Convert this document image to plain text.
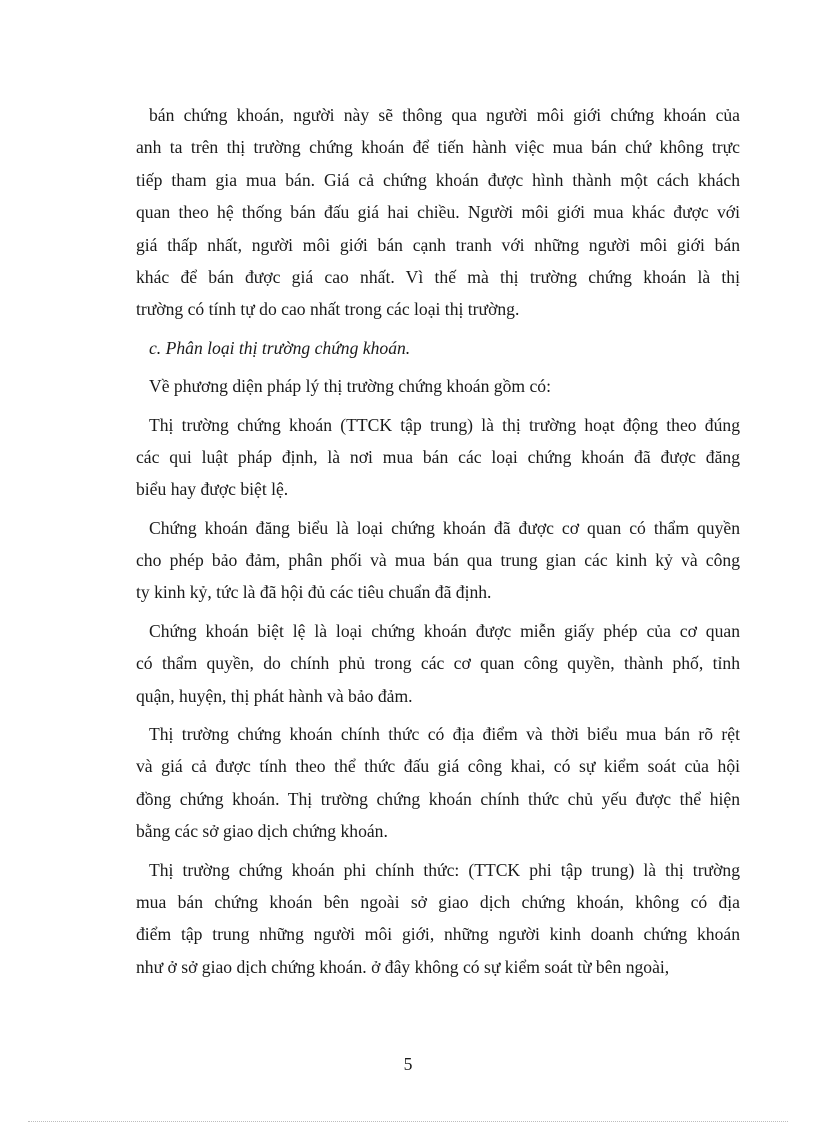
bán chứng khoán, người này sẽ thông qua người môi giới chứng khoán của
anh ta trên thị trường chứng khoán để tiến hành việc mua bán chứ không trực
tiếp tham gia mua bán. Giá cả chứng khoán được hình thành một cách khách
quan theo hệ thống bán đấu giá hai chiều. Người môi giới mua khác được với
giá thấp nhất, người môi giới bán cạnh tranh với những người môi giới bán
khác để bán được giá cao nhất. Vì thế mà thị trường chứng khoán là thị
trường có tính tự do cao nhất trong các loại thị trường.
c. Phân loại thị trường chứng khoán.
Về phương diện pháp lý thị trường chứng khoán gồm có:
Thị trường chứng khoán (TTCK tập trung) là thị trường hoạt động theo đúng
các qui luật pháp định, là nơi mua bán các loại chứng khoán đã được đăng
biểu hay được biệt lệ.
Chứng khoán đăng biểu là loại chứng khoán đã được cơ quan có thẩm quyền
cho phép bảo đảm, phân phối và mua bán qua trung gian các kinh kỷ và công
ty kinh kỷ, tức là đã hội đủ các tiêu chuẩn đã định.
Chứng khoán biệt lệ là loại chứng khoán được miễn giấy phép của cơ quan
có thẩm quyền, do chính phủ trong các cơ quan công quyền, thành phố, tỉnh
quận, huyện, thị phát hành và bảo đảm.
Thị trường chứng khoán chính thức có địa điểm và thời biểu mua bán rõ rệt
và giá cả được tính theo thể thức đấu giá công khai, có sự kiểm soát của hội
đồng chứng khoán. Thị trường chứng khoán chính thức chủ yếu được thể hiện
bằng các sở giao dịch chứng khoán.
Thị trường chứng khoán phi chính thức: (TTCK phi tập trung) là thị trường
mua bán chứng khoán bên ngoài sở giao dịch chứng khoán, không có địa
điểm tập trung những người môi giới, những người kinh doanh chứng khoán
như ở sở giao dịch chứng khoán. ở đây không có sự kiểm soát từ bên ngoài,
5
